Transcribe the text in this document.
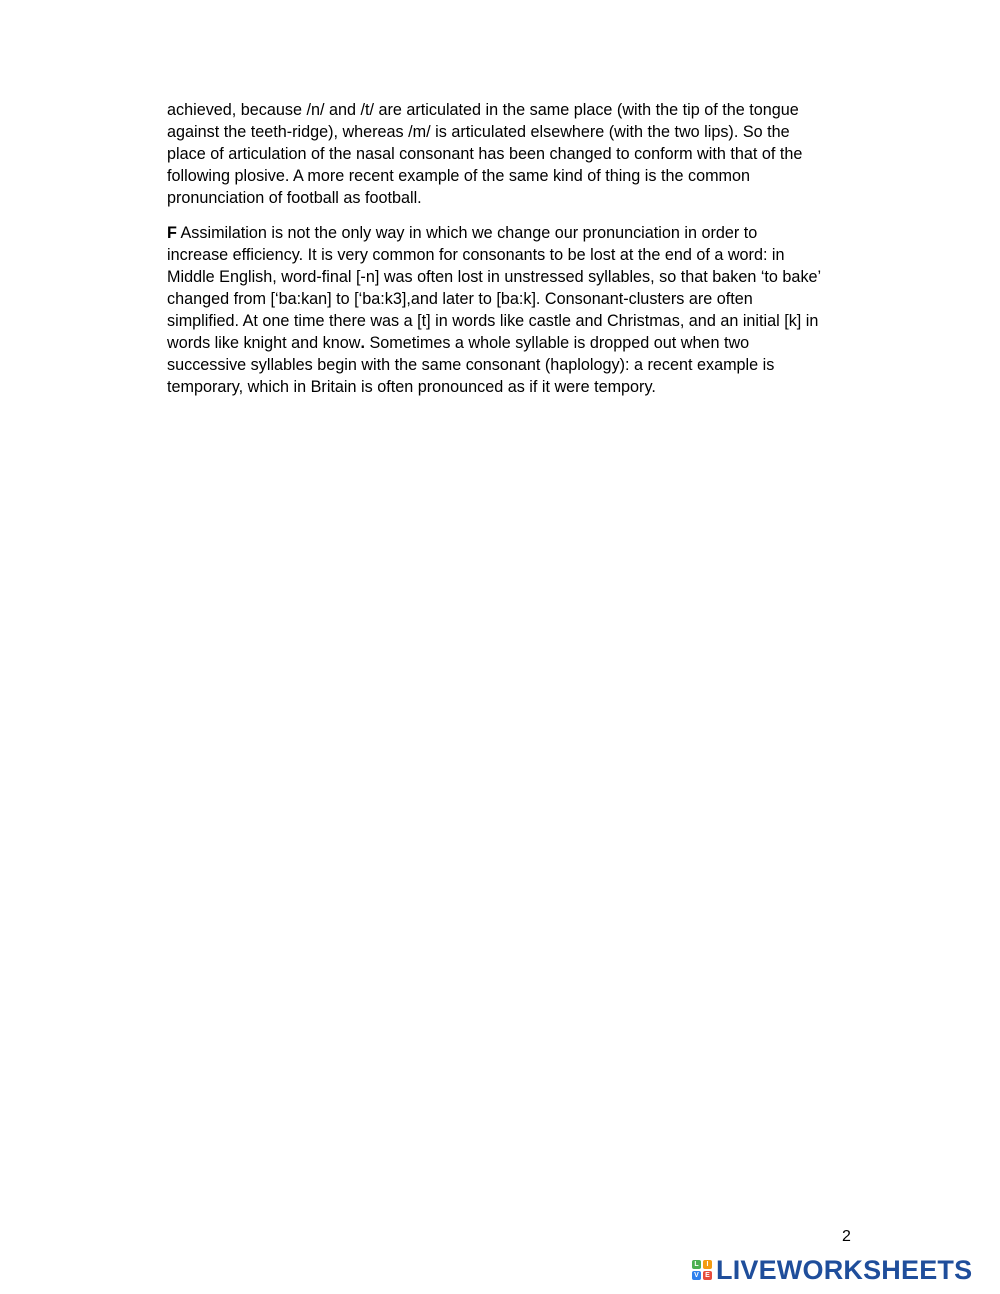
achieved, because /n/ and /t/ are articulated in the same place (with the tip of the tongue
against the teeth-ridge), whereas /m/ is articulated elsewhere (with the two lips). So the
place of articulation of the nasal consonant has been changed to conform with that of the
following plosive. A more recent example of the same kind of thing is the common
pronunciation of football as football.

F Assimilation is not the only way in which we change our pronunciation in order to
increase efficiency. It is very common for consonants to be lost at the end of a word: in
Middle English, word-final [-n] was often lost in unstressed syllables, so that baken ‘to bake’
changed from [‘ba:kan] to [‘ba:k3],and later to [ba:k]. Consonant-clusters are often
simplified. At one time there was a [t] in words like castle and Christmas, and an initial [k] in
words like knight and know. Sometimes a whole syllable is dropped out when two
successive syllables begin with the same consonant (haplology): a recent example is
temporary, which in Britain is often pronounced as if it were tempory.

2
L	I
V E LIVEWORKSHEETS
